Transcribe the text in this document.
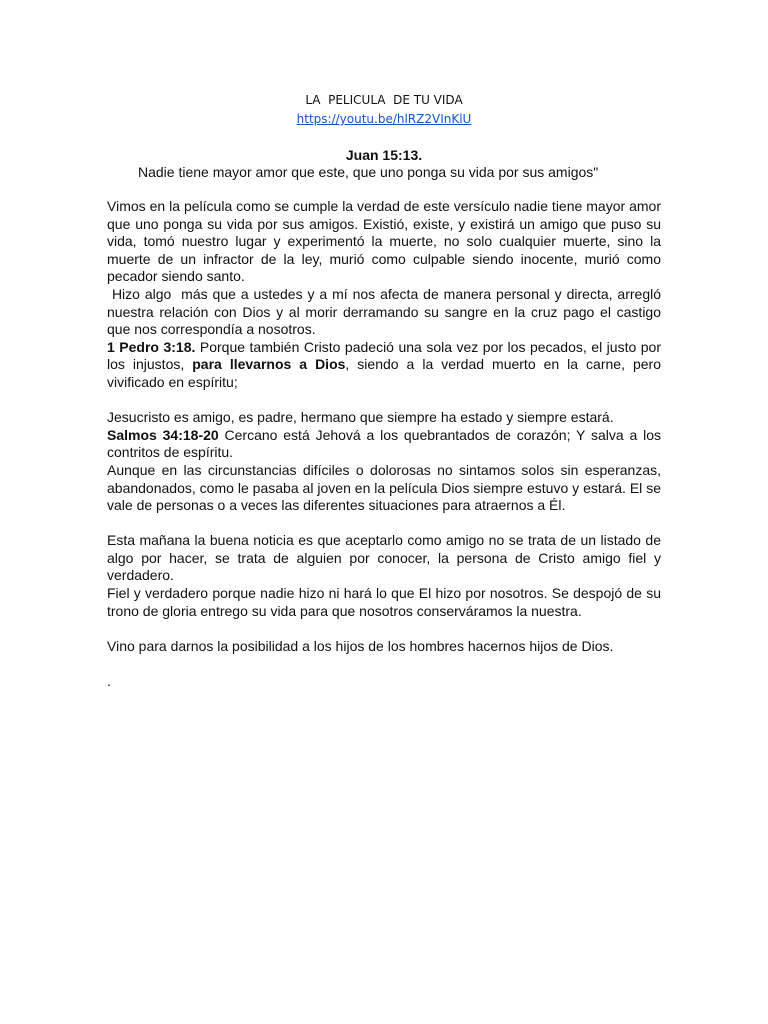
LA  PELICULA  DE TU VIDA
https://youtu.be/hlRZ2VInKlU
Juan 15:13.
Nadie tiene mayor amor que este, que uno ponga su vida por sus amigos"

Vimos en la película como se cumple la verdad de este versículo nadie tiene mayor amor que uno ponga su vida por sus amigos. Existió, existe, y existirá un amigo que puso su vida, tomó nuestro lugar y experimentó la muerte, no solo cualquier muerte, sino la muerte de un infractor de la ley, murió como culpable siendo inocente, murió como pecador siendo santo.

Hizo algo  más que a ustedes y a mí nos afecta de manera personal y directa, arregló nuestra relación con Dios y al morir derramando su sangre en la cruz pago el castigo que nos correspondía a nosotros.

1 Pedro 3:18. Porque también Cristo padeció una sola vez por los pecados, el justo por los injustos, para llevarnos a Dios, siendo a la verdad muerto en la carne, pero vivificado en espíritu;

Jesucristo es amigo, es padre, hermano que siempre ha estado y siempre estará.

Salmos 34:18-20 Cercano está Jehová a los quebrantados de corazón; Y salva a los contritos de espíritu.

Aunque en las circunstancias difíciles o dolorosas no sintamos solos sin esperanzas, abandonados, como le pasaba al joven en la película Dios siempre estuvo y estará. El se vale de personas o a veces las diferentes situaciones para atraernos a Él.

Esta mañana la buena noticia es que aceptarlo como amigo no se trata de un listado de algo por hacer, se trata de alguien por conocer, la persona de Cristo amigo fiel y verdadero.

Fiel y verdadero porque nadie hizo ni hará lo que El hizo por nosotros. Se despojó de su trono de gloria entrego su vida para que nosotros conserváramos la nuestra.

Vino para darnos la posibilidad a los hijos de los hombres hacernos hijos de Dios.

.
